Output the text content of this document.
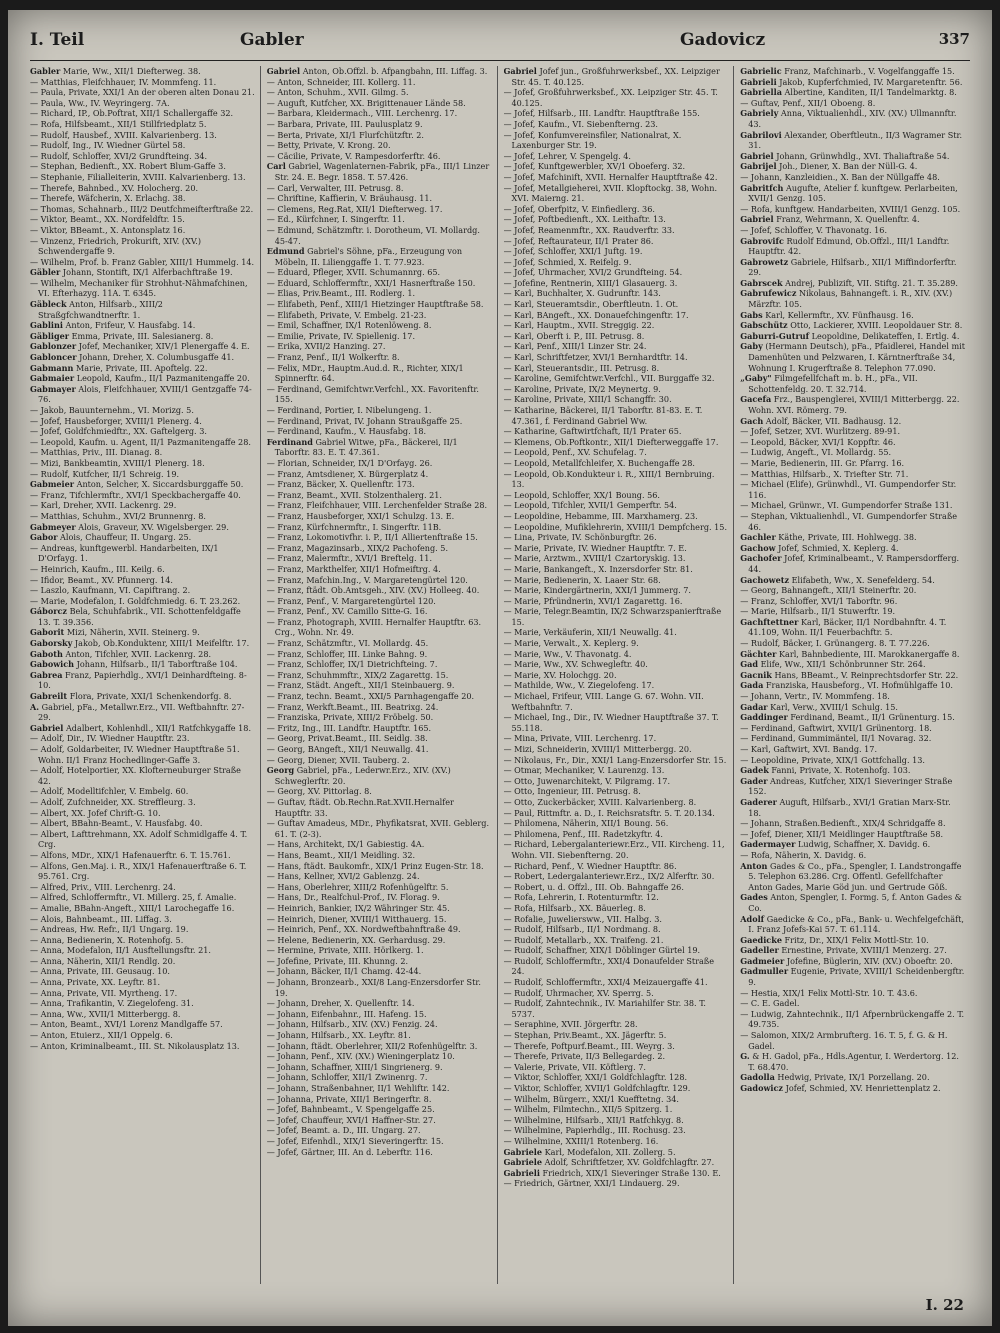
I. Teil	Gabler	Gadovicz	337

Gabler Marie, Ww., XII/1 Diefterweg. 38.

— Matthias, Fleifchhauer, IV. Mommfeng. 11.

— Paula, Private, XXI/1 An der oberen alten Donau 21.

— Paula, Ww., IV. Weyringerg. 7A.

— Richard, IP., Ob.Poftrat, XII/1 Schallergaffe 32.

— Rofa, Hilfsbeamt., XII/1 Stillfriedplatz 5.

— Rudolf, Hausbef., XVIII. Kalvarienberg. 13.

— Rudolf, Ing., IV. Wiedner Gürtel 58.

— Rudolf, Schloffer, XVI/2 Grundfteing. 34.

— Stephan, Bedienft., XX. Robert Blum-Gaffe 3.

— Stephanie, Filialleiterin, XVIII. Kalvarienberg. 13.

— Therefe, Bahnbed., XV. Holocherg. 20.

— Therefe, Wäfcherin, X. Erlachg. 38.

— Thomas, Schahnarb., III/2 Deutfchmeifterftraße 22.

— Viktor, Beamt., XX. Nordfeldftr. 15.

— Viktor, BBeamt., X. Antonsplatz 16.

— Vinzenz, Friedrich, Prokurift, XIV. (XV.) Schwendergaffe 9.

— Wilhelm, Prof. b. Franz Gabler, XIII/1 Hummelg. 14.

Gäbler Johann, Stontift, IX/1 Alferbachftraße 19.

— Wilhelm, Mechaniker für Strohhut-Nähmafchinen, VI. Efterhazyg. 11A. T. 6345.

Gäbleck Anton, Hilfsarb., XIII/2 Straßgfchwandtnerftr. 1.

Gablini Anton, Frifeur, V. Hausfabg. 14.

Gäbliger Emma, Private, III. Salesianerg. 8.

Gablonzer Jofef, Mechaniker, XIV/1 Plenergaffe 4. E.

Gabloncer Johann, Dreher, X. Columbusgaffe 41.

Gabmann Marie, Private, III. Apoftelg. 22.

Gabmaier Leopold, Kaufm., II/1 Pazmanitengaffe 20.

Gabmayer Alois, Fleifchhauer, XVIII/1 Gentzgaffe 74-76.

— Jakob, Bauunternehm., VI. Morizg. 5.

— Jofef, Hausbeforger, XVIII/1 Plenerg. 4.

— Jofef, Goldfchmiedftr., XX. Gaftelgerg. 3.

— Leopold, Kaufm. u. Agent, II/1 Pazmanitengaffe 28.

— Matthias, Priv., III. Dianag. 8.

— Mizi, Bankbeamtin, XVIII/1 Plenerg. 18.

— Rudolf, Kutfcher, II/1 Schreig. 19.

Gabmeier Anton, Selcher, X. Siccardsburggaffe 50.

— Franz, Tifchlermftr., XVI/1 Speckbachergaffe 40.

— Karl, Dreher, XVII. Lackenrg. 29.

— Matthias, Schuhm., XVI/2 Brunnenrg. 8.

Gabmeyer Alois, Graveur, XV. Wigelsberger. 29.

Gabor Alois, Chauffeur, II. Ungarg. 25.

— Andreas, kunftgewerbl. Handarbeiten, IX/1 D'Orfayg. 1.

— Heinrich, Kaufm., III. Keilg. 6.

— Ifidor, Beamt., XV. Pfunnerg. 14.

— Laszlo, Kaufmann, VI. Capiftrang. 2.

— Marie, Modefalon, I. Goldfchmiedg. 6. T. 23.262.

Gáborcz Bela, Schuhfabrik., VII. Schottenfeldgaffe 13. T. 39.356.

Gaborit Mizi, Näherin, XVII. Steinerg. 9.

Gaborsky Jakob, Ob.Konduktenr, XIII/1 Meifelftr. 17.

Gaboth Anton, Tifchler, XVII. Lackenrg. 28.

Gabowich Johann, Hilfsarb., II/1 Taborftraße 104.

Gabrea Franz, Papierhdlg., XVI/1 Deinhardfteing. 8-10.

Gabreilt Flora, Private, XXI/1 Schenkendorfg. 8.

A. Gabriel, pFa., Metallwr.Erz., VII. Weftbahnftr. 27-29.

Gabriel Adalbert, Kohlenhdl., XII/1 Ratfchkygaffe 18.

— Adolf, Dir., IV. Wiedner Hauptftr. 23.

— Adolf, Goldarbeiter, IV. Wiedner Hauptftraße 51. Wohn. II/1 Franz Hochedlinger-Gaffe 3.

— Adolf, Hotelportier, XX. Klofterneuburger Straße 42.

— Adolf, Modelltifchler, V. Embelg. 60.

— Adolf, Zufchneider, XX. Streffleurg. 3.

— Albert, XX. Jofef Chrift-G. 10.

— Albert, BBahn-Beamt., V. Hausfabg. 40.

— Albert, Lafttrehmann, XX. Adolf Schmidlgaffe 4. T. Crg.

— Alfons, MDr., XIX/1 Hafenauerftr. 6. T. 15.761.

— Alfons, Gen.Maj. i. R., XIX/1 Hafenauerftraße 6. T. 95.761. Crg.

— Alfred, Priv., VIII. Lerchenrg. 24.

— Alfred, Schloffermftr., VI. Millerg. 25, f. Amalie.

— Amalie, BBahn-Angeft., XIII/1 Larochegaffe 16.

— Alois, Bahnbeamt., III. Liffag. 3.

— Andreas, Hw. Refr., II/1 Ungarg. 19.

— Anna, Bedienerin, X. Rotenhofg. 5.

— Anna, Modefalon, II/1 Ausftellungsftr. 21.

— Anna, Näherin, XII/1 Rendlg. 20.

— Anna, Private, III. Geusaug. 10.

— Anna, Private, XX. Leyftr. 81.

— Anna, Private, VII. Myrtheng. 17.

— Anna, Trafikantin, V. Ziegelofeng. 31.

— Anna, Ww., XVII/1 Mitterbergg. 8.

— Anton, Beamt., XVI/1 Lorenz Mandlgaffe 57.

— Anton, Etuierz., XII/1 Oppelg. 6.

— Anton, Kriminalbeamt., III. St. Nikolausplatz 13.

Gabriel Anton, Ob.Offzl. b. Afpangbahn, III. Liffag. 3.

— Anton, Schneider, III. Kollerg. 11.

— Anton, Schuhm., XVII. Gilmg. 5.

— Auguft, Kutfcher, XX. Brigittenauer Lände 58.

— Barbara, Kleidermach., VIII. Lerchenrg. 17.

— Barbara, Private, III. Paulusplatz 9.

— Berta, Private, XI/1 Flurfchützftr. 2.

— Betty, Private, V. Krong. 20.

— Cäcilie, Private, V. Rampesdorferftr. 46.

Carl Gabriel, Wagenlaternen-Fabrik, pFa., III/1 Linzer Str. 24. E. Begr. 1858. T. 57.426.

— Carl, Verwalter, III. Petrusg. 8.

— Chriftine, Kaffierin, V. Bräuhausg. 11.

— Clemens, Reg.Rat, XII/1 Diefterweg. 17.

— Ed., Kürfchner, I. Singerftr. 11.

— Edmund, Schätzmftr. i. Dorotheum, VI. Mollardg. 45-47.

Edmund Gabriel's Söhne, pFa., Erzeugung von Möbeln, II. Lilienggaffe 1. T. 77.923.

— Eduard, Pfleger, XVII. Schumannrg. 65.

— Eduard, Schloffermftr., XXI/1 Hasnerftraße 150.

— Elias, Priv.Beamt., III. Rodlerg. 1.

— Elifabeth, Penf., XIII/1 Hietzinger Hauptftraße 58.

— Elifabeth, Private, V. Embelg. 21-23.

— Emil, Schaffner, IX/1 Rotenlöweng. 8.

— Emilie, Private, IV. Spiellenig. 17.

— Erika, XVII/2 Hanzing. 27.

— Franz, Penf., II/1 Wolkerftr. 8.

— Felix, MDr., Hauptm.Aud.d. R., Richter, XIX/1 Spinnerftr. 64.

— Ferdinand, Gemifchtwr.Verfchl., XX. Favoritenftr. 155.

— Ferdinand, Portier, I. Nibelungeng. 1.

— Ferdinand, Privat, IV. Johann Straußgaffe 25.

— Ferdinand, Kaufm., V. Hausfabg. 18.

Ferdinand Gabriel Witwe, pFa., Bäckerei, II/1 Taborftr. 83. E. T. 47.361.

— Florian, Schneider, IX/1 D'Orfayg. 26.

— Franz, Amtsdiener, X. Bürgerplatz 4.

— Franz, Bäcker, X. Quellenftr. 173.

— Franz, Beamt., XVII. Stolzenthalerg. 21.

— Franz, Fleifchhauer, VIII. Lerchenfelder Straße 28.

— Franz, Hausbeforger, XXI/1 Schulzg. 13. E.

— Franz, Kürfchnermftr., I. Singerftr. 11B.

— Franz, Lokomotivfhr. i. P., II/1 Alliertenftraße 15.

— Franz, Magazinsarb., XIX/2 Pachofeng. 5.

— Franz, Malermftr., XVI/1 Breftelg. 11.

— Franz, Markthelfer, XII/1 Hofmeiftrg. 4.

— Franz, Mafchin.Ing., V. Margaretengürtel 120.

— Franz, ftädt. Ob.Amtsgeh., XIV. (XV.) Holleeg. 40.

— Franz, Penf., V. Margaretengürtel 120.

— Franz, Penf., XV. Camillo Sitte-G. 16.

— Franz, Photograph, XVIII. Hernalfer Hauptftr. 63. Crg., Wohn. Nr. 49.

— Franz, Schätzmftr., VI. Mollardg. 45.

— Franz, Schloffer, III. Linke Bahng. 9.

— Franz, Schloffer, IX/1 Dietrichfteing. 7.

— Franz, Schuhmmftr., XIX/2 Zagarettg. 15.

— Franz, Städt. Angeft., XII/1 Steinbauerg. 9.

— Franz, techn. Beamt., XXI/5 Parnhagengaffe 20.

— Franz, Werkft.Beamt., III. Beatrixg. 24.

— Franziska, Private, XIII/2 Fröbelg. 50.

— Fritz, Ing., III. Landftr. Hauptftr. 165.

— Georg, Privat.Beamt., III. Seidlg. 38.

— Georg, BAngeft., XII/1 Neuwallg. 41.

— Georg, Diener, XVII. Tauberg. 2.

Georg Gabriel, pFa., Lederwr.Erz., XIV. (XV.) Schweglerftr. 20.

— Georg, XV. Pittorlag. 8.

— Guftav, ftädt. Ob.Rechn.Rat.XVII.Hernalfer Hauptftr. 33.

— Guftav Amadeus, MDr., Phyfikatsrat, XVII. Geblerg. 61. T. (2-3).

— Hans, Architekt, IX/1 Gabiestig. 4A.

— Hans, Beamt., XII/1 Meidling. 32.

— Hans, ftädt. Baukomfr., XIX/1 Prinz Eugen-Str. 18.

— Hans, Kellner, XVI/2 Gablenzg. 24.

— Hans, Oberlehrer, XIII/2 Rofenhügelftr. 5.

— Hans, Dr., Realfchul-Prof., IV. Florag. 9.

— Heinrich, Bankier, IX/2 Währinger Str. 45.

— Heinrich, Diener, XVIII/1 Witthauerg. 15.

— Heinrich, Penf., XX. Nordweftbahnftraße 49.

— Helene, Bedienerin, XX. Gerhardusg. 29.

— Hermine, Private, XIII. Hörlkerg. 1.

— Jofefine, Private, III. Khunng. 2.

— Johann, Bäcker, II/1 Chamg. 42-44.

— Johann, Bronzearb., XXI/8 Lang-Enzersdorfer Str. 19.

— Johann, Dreher, X. Quellenftr. 14.

— Johann, Eifenbahnr., III. Hafeng. 15.

— Johann, Hilfsarb., XIV. (XV.) Fenzig. 24.

— Johann, Hilfsarb., XX. Leyftr. 81.

— Johann, ftädt. Oberlehrer, XII/2 Rofenhügelftr. 3.

— Johann, Penf., XIV. (XV.) Wieningerplatz 10.

— Johann, Schaffner, XIII/1 Singrienerg. 9.

— Johann, Schloffer, XII/1 Zwinenrg. 7.

— Johann, Straßenbahner, II/1 Wehliftr. 142.

— Johanna, Private, XII/1 Beringerftr. 8.

— Jofef, Bahnbeamt., V. Spengelgaffe 25.

— Jofef, Chauffeur, XVI/1 Haffner-Str. 27.

— Jofef, Beamt. a. D., III. Ungarg. 27.

— Jofef, Eifenhdl., XIX/1 Sieveringerftr. 15.

— Jofef, Gärtner, III. An d. Leberftr. 116.

Gabriel Jofef jun., Großfuhrwerksbef., XX. Leipziger Str. 45. T. 40.125.

— Jofef, Großfuhrwerksbef., XX. Leipziger Str. 45. T. 40.125.

— Jofef, Hilfsarb., III. Landftr. Hauptftraße 155.

— Jofef, Kaufm., VI. Siebenfterng. 23.

— Jofef, Konfumvereinsfiler, Nationalrat, X. Laxenburger Str. 19.

— Jofef, Lehrer, V. Spengelg. 4.

— Jofef, Kunftgewerbler, XV/1 Oboeferg. 32.

— Jofef, Mafchinift, XVII. Hernalfer Hauptftraße 42.

— Jofef, Metallgieherei, XVII. Klopftockg. 38, Wohn. XVI. Maierng. 21.

— Jofef, Oberfpitz, V. Einfiedlerg. 36.

— Jofef, Poftbedienft., XX. Leithaftr. 13.

— Jofef, Reamenmftr., XX. Raudverftr. 33.

— Jofef, Reftaurateur, II/1 Prater 86.

— Jofef, Schloffer, XXI/1 Juftg. 19.

— Jofef, Schmied, X. Reifelg. 9.

— Jofef, Uhrmacher, XVI/2 Grundfteing. 54.

— Jofefine, Rentnerin, XIII/1 Glasauerg. 3.

— Karl, Buchhalter, X. Gudrunftr. 143.

— Karl, Steueramtsdir., Oberftleutn. 1. Ot.

— Karl, BAngeft., XX. Donauefchingenftr. 17.

— Karl, Hauptm., XVII. Streggig. 22.

— Karl, Oberft i. P., III. Petrusg. 8.

— Karl, Penf., XIII/1 Linzer Str. 24.

— Karl, Schriftfetzer, XVI/1 Bernhardtftr. 14.

— Karl, Steuerantsdir., III. Petrusg. 8.

— Karoline, Gemifchtwr.Verfchl., VII. Burggaffe 32.

— Karoline, Private, IX/2 Meynertg. 9.

— Karoline, Private, XIII/1 Schangffr. 30.

— Katharine, Bäckerei, II/1 Taborftr. 81-83. E. T. 47.361, f. Ferdinand Gabriel Ww.

— Katharine, Gaftwirtfchaft, II/1 Prater 65.

— Klemens, Ob.Poftkontr., XII/1 Diefterweggaffe 17.

— Leopold, Penf., XV. Schufelag. 7.

— Leopold, Metallfchleifer, X. Buchengaffe 28.

— Leopold, Ob.Kondukteur i. R., XIII/1 Bernbruing. 13.

— Leopold, Schloffer, XX/1 Boung. 56.

— Leopold, Tifchler, XVII/1 Gemperftr. 54.

— Leopoldine, Hebamme, III. Marxhamerg. 23.

— Leopoldine, Mufiklehrerin, XVIII/1 Dempfcherg. 15.

— Lina, Private, IV. Schönburgftr. 26.

— Marie, Private, IV. Wiedner Hauptftr. 7. E.

— Marie, Arztwm., XVIII/1 Czartoryskig. 13.

— Marie, Bankangeft., X. Inzersdorfer Str. 81.

— Marie, Bedienerin, X. Laaer Str. 68.

— Marie, Kindergärtnerin, XXI/1 Jummerg. 7.

— Marie, Pfründnerin, XVI/1 Zagarettg. 16.

— Marie, Telegr.Beamtin, IX/2 Schwarzspanierftraße 15.

— Marie, Verkäuferin, XII/1 Neuwallg. 41.

— Marie, Verwalt., X. Keplerg. 9.

— Marie, Ww., V. Thavonatg. 4.

— Marie, Ww., XV. Schwegleftr. 40.

— Marie, XV. Holochgg. 20.

— Mathilde, Ww., V. Ziegelofeng. 17.

— Michael, Frifeur, VIII. Lange G. 67. Wohn. VII. Weftbahnftr. 7.

— Michael, Ing., Dir., IV. Wiedner Hauptftraße 37. T. 55.118.

— Mina, Private, VIII. Lerchenrg. 17.

— Mizi, Schneiderin, XVIII/1 Mitterbergg. 20.

— Nikolaus, Fr., Dir., XXI/1 Lang-Enzersdorfer Str. 15.

— Otmar, Mechaniker, V. Laurenzg. 13.

— Otto, Juwenarchitekt, V. Pilgramg. 17.

— Otto, Ingenieur, III. Petrusg. 8.

— Otto, Zuckerbäcker, XVIII. Kalvarienberg. 8.

— Paul, Rittmftr. a. D., I. Reichsratsftr. 5. T. 20.134.

— Philomena, Näherin, XII/1 Boung. 56.

— Philomena, Penf., III. Radetzkyftr. 4.

— Richard, Lebergalanteriewr.Erz., VII. Kircheng. 11, Wohn. VII. Siebenfterng. 20.

— Richard, Penf., V. Wiedner Hauptftr. 86.

— Robert, Ledergalanteriewr.Erz., IX/2 Alferftr. 30.

— Robert, u. d. Offzl., III. Ob. Bahngaffe 26.

— Rofa, Lehrerin, I. Rotenturmftr. 12.

— Rofa, Hilfsarb., XX. Bäuerleg. 8.

— Rofalie, Juweliersww., VII. Halbg. 3.

— Rudolf, Hilfsarb., II/1 Nordmang. 8.

— Rudolf, Metallarb., XX. Traifeng. 21.

— Rudolf, Schaffner, XIX/1 Döblinger Gürtel 19.

— Rudolf, Schloffermftr., XXI/4 Donaufelder Straße 24.

— Rudolf, Schloffermftr., XXI/4 Meizauergaffe 41.

— Rudolf, Uhrmacher, XV. Sperrg. 5.

— Rudolf, Zahntechnik., IV. Mariahilfer Str. 38. T. 5737.

— Seraphine, XVII. Jörgerftr. 28.

— Stephan, Priv.Beamt., XX. Jägerftr. 5.

— Therefe, Poftpurf.Beamt., III. Weyrg. 3.

— Therefe, Private, II/3 Bellegardeg. 2.

— Valerie, Private, VII. Köftlerg. 7.

— Viktor, Schloffer, XXI/1 Goldfchlagftr. 128.

— Viktor, Schloffer, XVII/1 Goldfchlagftr. 129.

— Wilhelm, Bürgerr., XXI/1 Kuefftetng. 34.

— Wilhelm, Filmtechn., XII/5 Spitzerg. 1.

— Wilhelmine, Hilfsarb., XII/1 Ratfchkyg. 8.

— Wilhelmine, Papierhdlg., III. Rochusg. 23.

— Wilhelmine, XXIII/1 Rotenberg. 16.

Gabriele Karl, Modefalon, XII. Zollerg. 5.

Gabriele Adolf, Schriftfetzer, XV. Goldfchlagftr. 27.

Gabrieli Friedrich, XIX/1 Sieveringer Straße 130. E.

— Friedrich, Gärtner, XXI/1 Lindauerg. 29.

Gabrielic Franz, Mafchinarb., V. Vogelfanggaffe 15.

Gabrieli Jakob, Kupferfchmied, IV. Margaretenftr. 56.

Gabriella Albertine, Kanditen, II/1 Tandelmarktg. 8.

— Guftav, Penf., XII/1 Oboeng. 8.

Gabriely Anna, Viktualienhdl., XIV. (XV.) Ullmannftr. 43.

Gabrilovi Alexander, Oberftleutn., II/3 Wagramer Str. 31.

Gabriel Johann, Grünwhdlg., XVI. Thaliaftraße 54.

Gabrijel Joh., Diener, X. Ban der Nüll-G. 4.

— Johann, Kanzleidien., X. Ban der Nüllgaffe 48.

Gabritfch Augufte, Atelier f. kunftgew. Perlarbeiten, XVII/1 Genzg. 105.

— Rofa, kunftgew. Handarbeiten, XVIII/1 Genzg. 105.

Gabriel Franz, Wehrmann, X. Quellenftr. 4.

— Jofef, Schloffer, V. Thavonatg. 16.

Gabrovifc Rudolf Edmund, Ob.Offzl., III/1 Landftr. Hauptftr. 42.

Gabrowetz Gabriele, Hilfsarb., XII/1 Miffindorferftr. 29.

Gabrscek Andrej, Publizift, VII. Stiftg. 21. T. 35.289.

Gabrufewicz Nikolaus, Bahnangeft. i. R., XIV. (XV.) Märzftr. 105.

Gabs Karl, Kellermftr., XV. Fünfhausg. 16.

Gabschütz Otto, Lackierer, XVIII. Leopoldauer Str. 8.

Gaburri-Gutruf Leopoldine, Delikateffen, I. Ertlg. 4.

Gaby (Hermann Deutsch), pFa., Pfaidlerei, Handel mit Damenhüten und Pelzwaren, I. Kärntnerftraße 34, Wohnung I. Krugerftraße 8. Telephon 77.090.

„Gaby" Filmgefellfchaft m. b. H., pFa., VII. Schottenfeldg. 20. T. 32.714.

Gacefa Frz., Bauspenglerei, XVIII/1 Mitterbergg. 22. Wohn. XVI. Römerg. 79.

Gach Adolf, Bäcker, VII. Badhausg. 12.

— Jofef, Setzer, XVI. Wurlitzerg. 89-91.

— Leopold, Bäcker, XVI/1 Koppftr. 46.

— Ludwig, Angeft., VI. Mollardg. 55.

— Marie, Bedienerin, III. Gr. Pfarrg. 16.

— Matthias, Hilfsarb., X. Triefter Str. 71.

— Michael (Elife), Grünwhdl., VI. Gumpendorfer Str. 116.

— Michael, Grünwr., VI. Gumpendorfer Straße 131.

— Stephan, Viktualienhdl., VI. Gumpendorfer Straße 46.

Gachler Käthe, Private, III. Hohlwegg. 38.

Gachow Jofef, Schmied, X. Keplerg. 4.

Gachofer Jofef, Kriminalbeamt., V. Rampersdorfferg. 44.

Gachowetz Elifabeth, Ww., X. Senefelderg. 54.

— Georg, Bahnangeft., XII/1 Steinerftr. 20.

— Franz, Schloffer, XVI/1 Taborftr. 96.

— Marie, Hilfsarb., II/1 Stuwerftr. 19.

Gachftettner Karl, Bäcker, II/1 Nordbahnftr. 4. T. 41.109, Wohn. II/1 Feuerbachftr. 5.

— Rudolf, Bäcker, I. Grünangerg. 8. T. 77.226.

Gächter Karl, Bahnbediente, III. Marokkanergaffe 8.

Gad Elife, Ww., XII/1 Schönbrunner Str. 264.

Gacnik Hans, BBeamt., V. Reinprechtsdorfer Str. 22.

Gada Franziska, Hausbeforg., VI. Hofmühlgaffe 10.

— Johann, Vertr., IV. Mommfeng. 18.

Gadar Karl, Verw., XVIII/1 Schulg. 15.

Gaddinger Ferdinand, Beamt., II/1 Grünenturg. 15.

— Ferdinand, Gaftwirt, XVII/1 Grünentorg. 18.

— Ferdinand, Gummimäntel, II/1 Novarag. 32.

— Karl, Gaftwirt, XVI. Bandg. 17.

— Leopoldine, Private, XIX/1 Gottfchallg. 13.

Gadek Fanni, Private, X. Rotenhofg. 103.

Gader Andreas, Kutfcher, XIX/1 Sieveringer Straße 152.

Gaderer Auguft, Hilfsarb., XVI/1 Gratian Marx-Str. 18.

— Johann, Straßen.Bedienft., XIX/4 Schridgaffe 8.

— Jofef, Diener, XII/1 Meidlinger Hauptftraße 58.

Gadermayer Ludwig, Schaffner, X. Davidg. 6.

— Rofa, Näherin, X. Davidg. 6.

Anton Gades & Co., pFa., Spengler, I. Landstrongaffe 5. Telephon 63.286. Crg. Offentl. Gefellfchafter Anton Gades, Marie Göd ​​jun. und Gertrude Göß.

Gades Anton, Spengler, I. Formg. 5, f. Anton Gades & Co.

Adolf Gaedicke & Co., pFa., Bank- u. Wechfelgefchäft, I. Franz Jofefs-Kai 57. T. 61.114.

Gaedicke Fritz, Dr., XIX/1 Felix Mottl-Str. 10.

Gadeller Ernestine, Private, XVIII/1 Menzerg. 27.

Gadmeier Jofefine, Büglerin, XIV. (XV.) Oboeftr. 20.

Gadmuller Eugenie, Private, XVIII/1 Scheidenbergftr. 9.

— Hestia, XIX/1 Felix Mottl-Str. 10. T. 43.6.

— C. E. Gadel.

— Ludwig, Zahntechnik., II/1 Afpernbrückengaffe 2. T. 49.735.

— Salomon, XIX/2 Armbrufterg. 16. T. 5, f. G. & H. Gadel.

G. & H. Gadol, pFa., Hdls.Agentur, I. Werdertorg. 12. T. 68.470.

Gadolla Hedwig, Private, IX/1 Porzellang. 20.

Gadowicz Jofef, Schmied, XV. Henriettenplatz 2.

I. 22
